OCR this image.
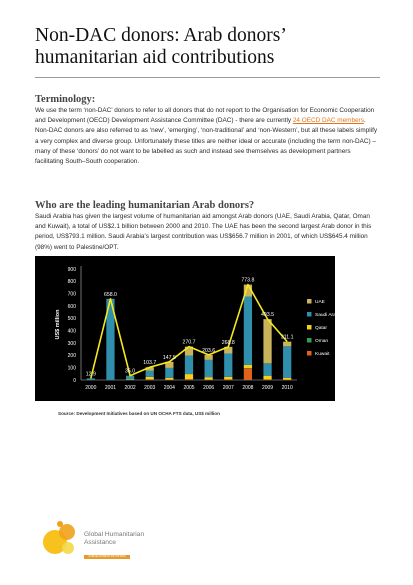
Non-DAC donors: Arab donors’ humanitarian aid contributions
Terminology:
We use the term ‘non-DAC’ donors to refer to all donors that do not report to the Organisation for Economic Cooperation and Development (OECD) Development Assistance Committee (DAC) - there are currently 24 OECD DAC members. Non-DAC donors are also referred to as ‘new’, ‘emerging’, ‘non-traditional’ and ‘non-Western’, but all these labels simplify a very complex and diverse group. Unfortunately these titles are neither ideal or accurate (including the term non-DAC) – many of these ‘donors’ do not want to be labelled as such and instead see themselves as development partners facilitating South–South cooperation.
Who are the leading humanitarian Arab donors?
Saudi Arabia has given the largest volume of humanitarian aid amongst Arab donors (UAE, Saudi Arabia, Qatar, Oman and Kuwait), a total of US$2.1 billion between 2000 and 2010. The UAE has been the second largest Arab donor in this period, US$793.1 million. Saudi Arabia’s largest contribution was US$656.7 million in 2001, of which US$645.4 million (98%) went to Palestine/OPT.
0
100
200
300
400
500
600
700
800
900
US$ million
2000 2001 2002 2003 2004 2005 2006 2007 2008 2009 2010
12.9
658.0
35.0
103.7
147.5
270.7
203.6
268.8
773.8
493.5
311.1
UAE
Saudi Arabia
Qatar
Oman
Kuwait
Source: Development Initiatives based on UN OCHA FTS data, US$ million
Global Humanitarian
Assistance
A DEVELOPMENT INITIATIVES
